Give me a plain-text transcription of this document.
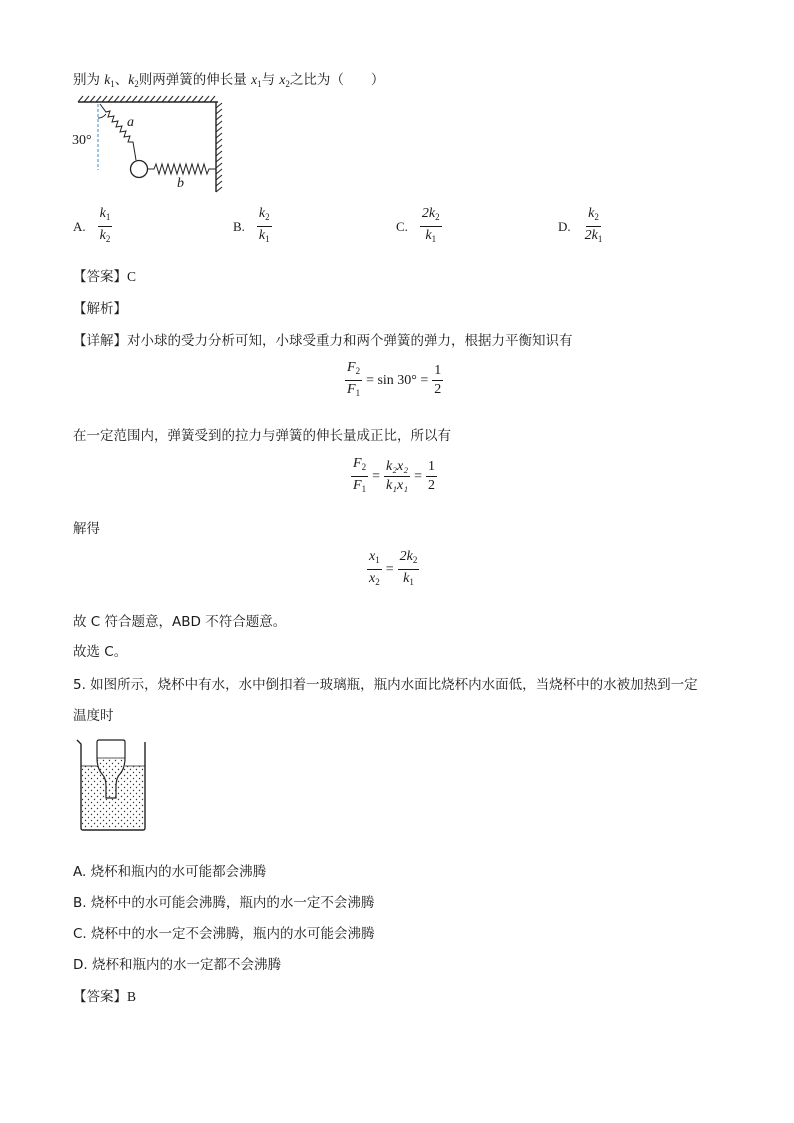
别为 $k_1$、$k_2$则两弹簧的伸长量 $x_1$与 $x_2$之比为（　　）
30°
a
b
A. $\frac{k_1}{k_2}$	B. $\frac{k_2}{k_1}$	C. $\frac{2k_2}{k_1}$	D. $\frac{k_2}{2k_1}$
【答案】C
【解析】
【详解】对小球的受力分析可知，小球受重力和两个弹簧的弹力，根据力平衡知识有
$\frac{F_2}{F_1} = \sin 30^\circ = \frac{1}{2}$
在一定范围内，弹簧受到的拉力与弹簧的伸长量成正比，所以有
$\frac{F_2}{F_1} = \frac{\text{k₂x₂}}{\text{k₁x₁}} = \frac{1}{2}$
解得
$\frac{x_1}{x_2} = \frac{2k_2}{k_1}$
故 C 符合题意，ABD 不符合题意。
故选 C。
5. 如图所示，烧杯中有水，水中倒扣着一玻璃瓶，瓶内水面比烧杯内水面低，当烧杯中的水被加热到一定
温度时
A. 烧杯和瓶内的水可能都会沸腾
B. 烧杯中的水可能会沸腾，瓶内的水一定不会沸腾
C. 烧杯中的水一定不会沸腾，瓶内的水可能会沸腾
D. 烧杯和瓶内的水一定都不会沸腾
【答案】B
